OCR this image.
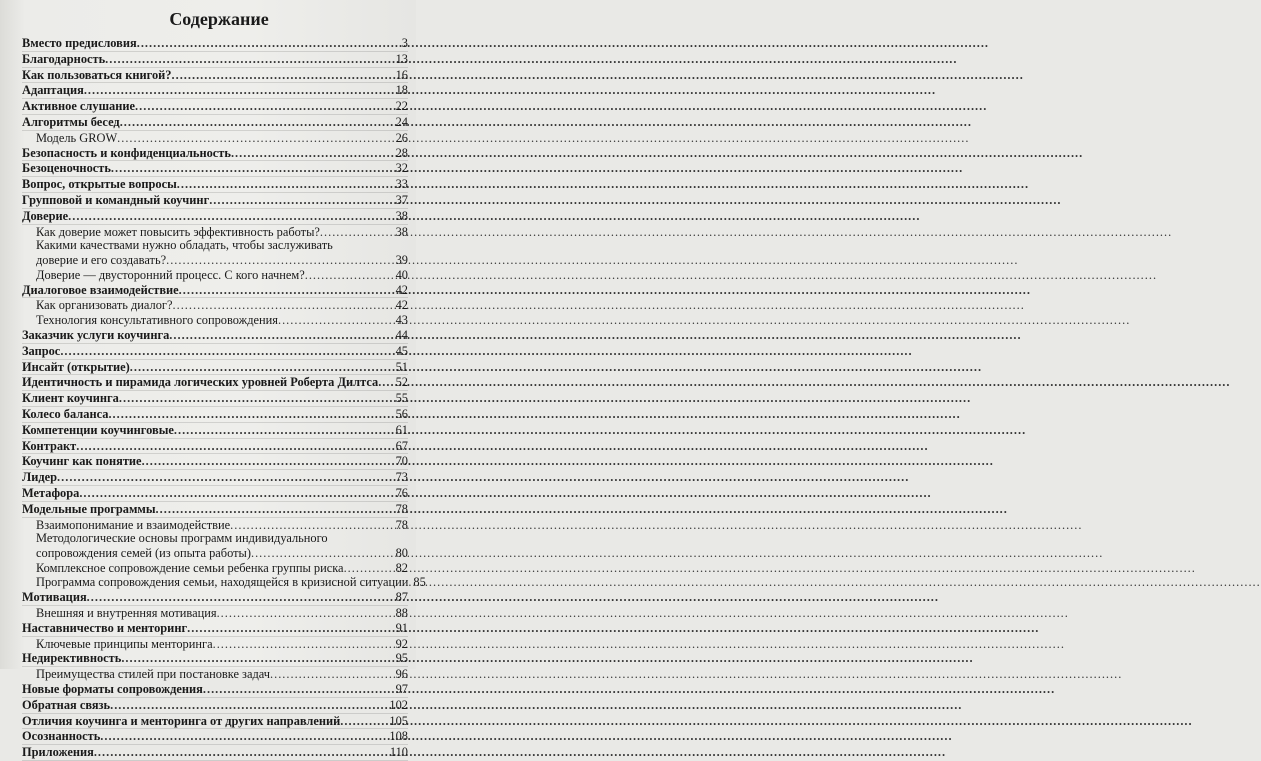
Содержание
Вместо предисловия .....	3
Благодарность .....	13
Как пользоваться книгой? .....	16
Адаптация .....	18
Активное слушание .....	22
Алгоритмы бесед .....	24
Модель GROW .....	26
Безопасность и конфиденциальность .....	28
Безоценочность .....	32
Вопрос, открытые вопросы .....	33
Групповой и командный коучинг .....	37
Доверие .....	38
Как доверие может повысить эффективность работы? .....	38
Какими качествами нужно обладать, чтобы заслуживать
доверие и его создавать? .....	39
Доверие — двусторонний процесс. С кого начнем? .....	40
Диалоговое взаимодействие .....	42
Как организовать диалог? .....	42
Технология консультативного сопровождения .....	43
Заказчик услуги коучинга .....	44
Запрос .....	45
Инсайт (открытие) .....	51
Идентичность и пирамида логических уровней Роберта Дилтса ..... 52
Клиент коучинга .....	55
Колесо баланса .....	56
Компетенции коучинговые .....	61
Контракт .....	67
Коучинг как понятие .....	70
Лидер .....	73
Метафора .....	76
Модельные программы .....	78
Взаимопонимание и взаимодействие .....	78
Методологические основы программ индивидуального
сопровождения семей (из опыта работы) .....	80
Комплексное сопровождение семьи ребенка группы риска .....	82
Программа сопровождения семьи, находящейся в кризисной ситуации ..... 85
Мотивация .....	87
Внешняя и внутренняя мотивация .....	88
Наставничество и менторинг .....	91
Ключевые принципы менторинга .....	92
Недирективность .....	95
Преимущества стилей при постановке задач .....	96
Новые форматы сопровождения .....	97
Обратная связь .....	102
Отличия коучинга и менторинга от других направлений .....	105
Осознанность .....	108
Приложения .....	110
